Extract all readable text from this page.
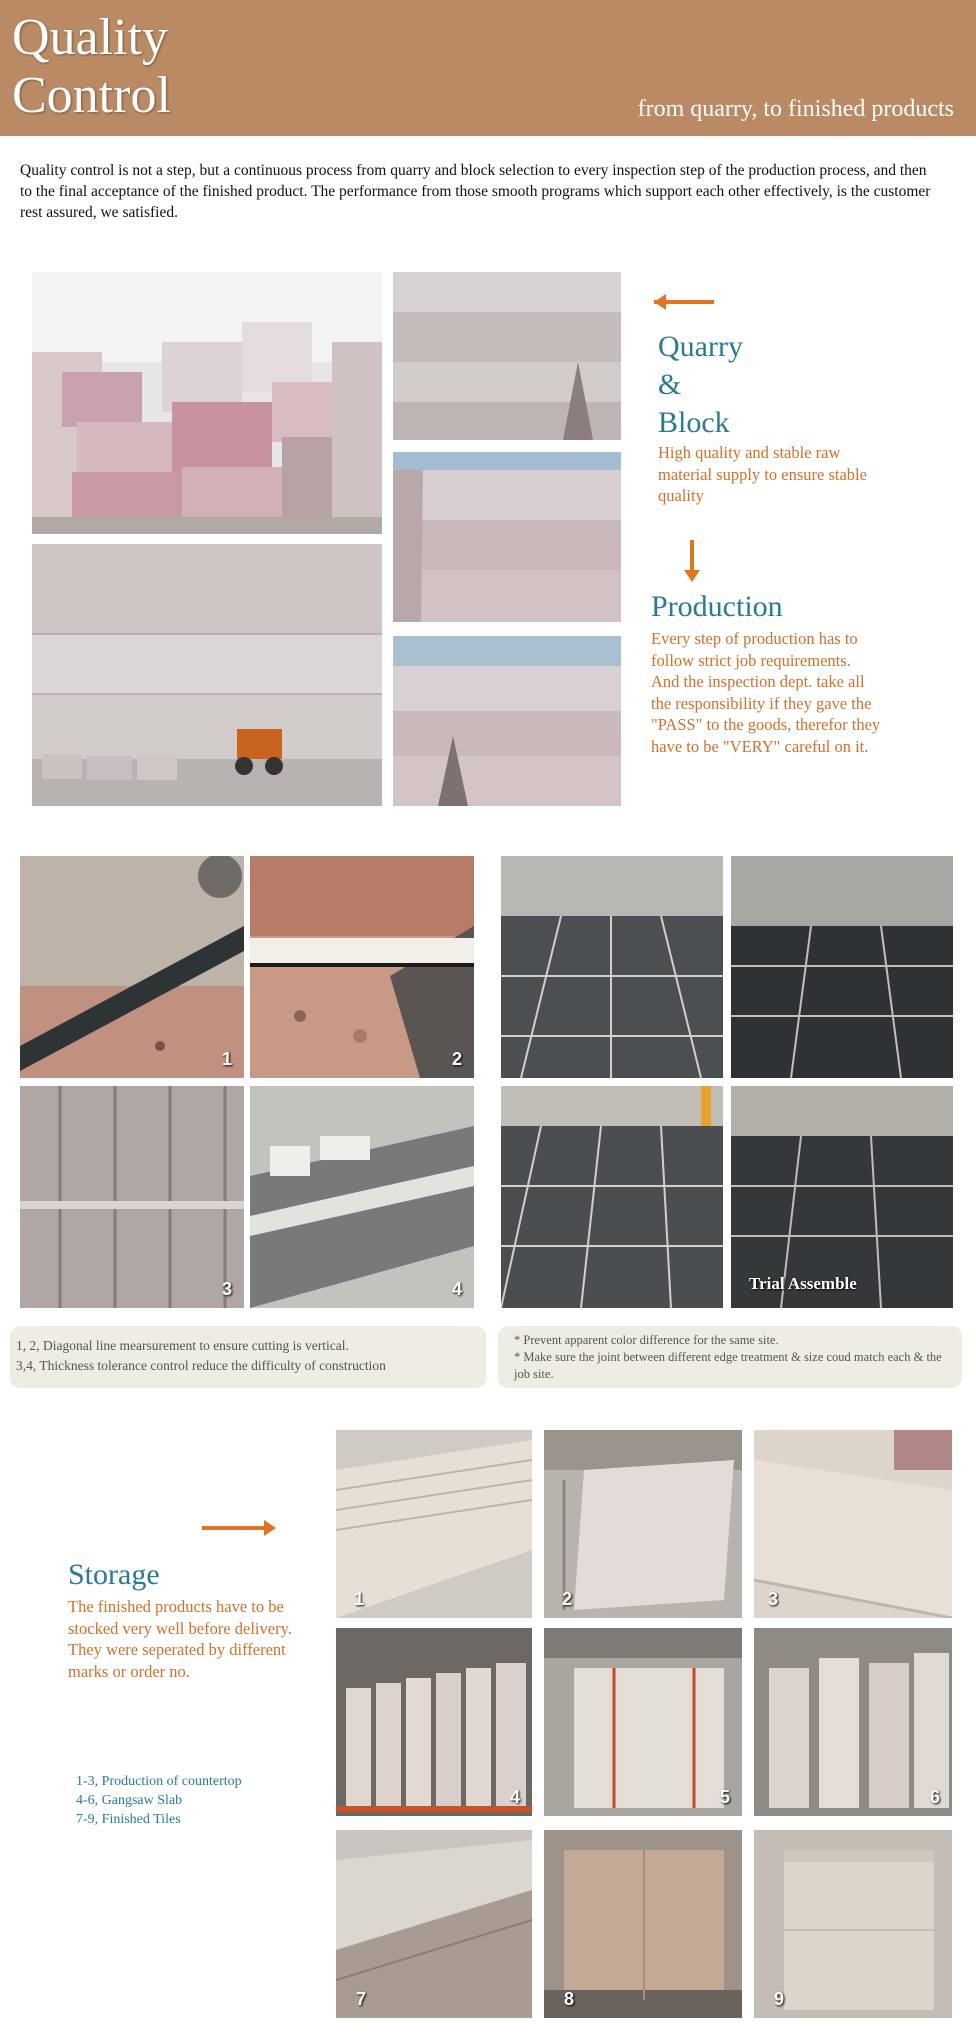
Quality
Control	from quarry, to finished products
Quality control is not a step, but a continuous process from quarry and block selection to every inspection step of the production process, and then to the final acceptance of the finished product. The performance from those smooth programs which support each other effectively, is the customer rest assured, we satisfied.
Quarry
&
Block
High quality and stable raw material supply to ensure stable quality
Production
Every step of production has to follow strict job requirements. And the inspection dept. take all the responsibility if they gave the "PASS" to the goods, therefor they have to be "VERY" careful on it.
1	2
3	4	Trial Assemble
1, 2, Diagonal line mearsurement to ensure cutting is vertical.
3,4, Thickness tolerance control reduce the difficulty of construction
* Prevent apparent color difference for the same site.
* Make sure the joint between different edge treatment & size coud match each & the job site.
Storage
The finished products have to be stocked very well before delivery. They were seperated by different marks or order no.
1-3, Production of countertop
4-6, Gangsaw Slab
7-9, Finished Tiles
1	2	3
4	5	6
7	8	9
